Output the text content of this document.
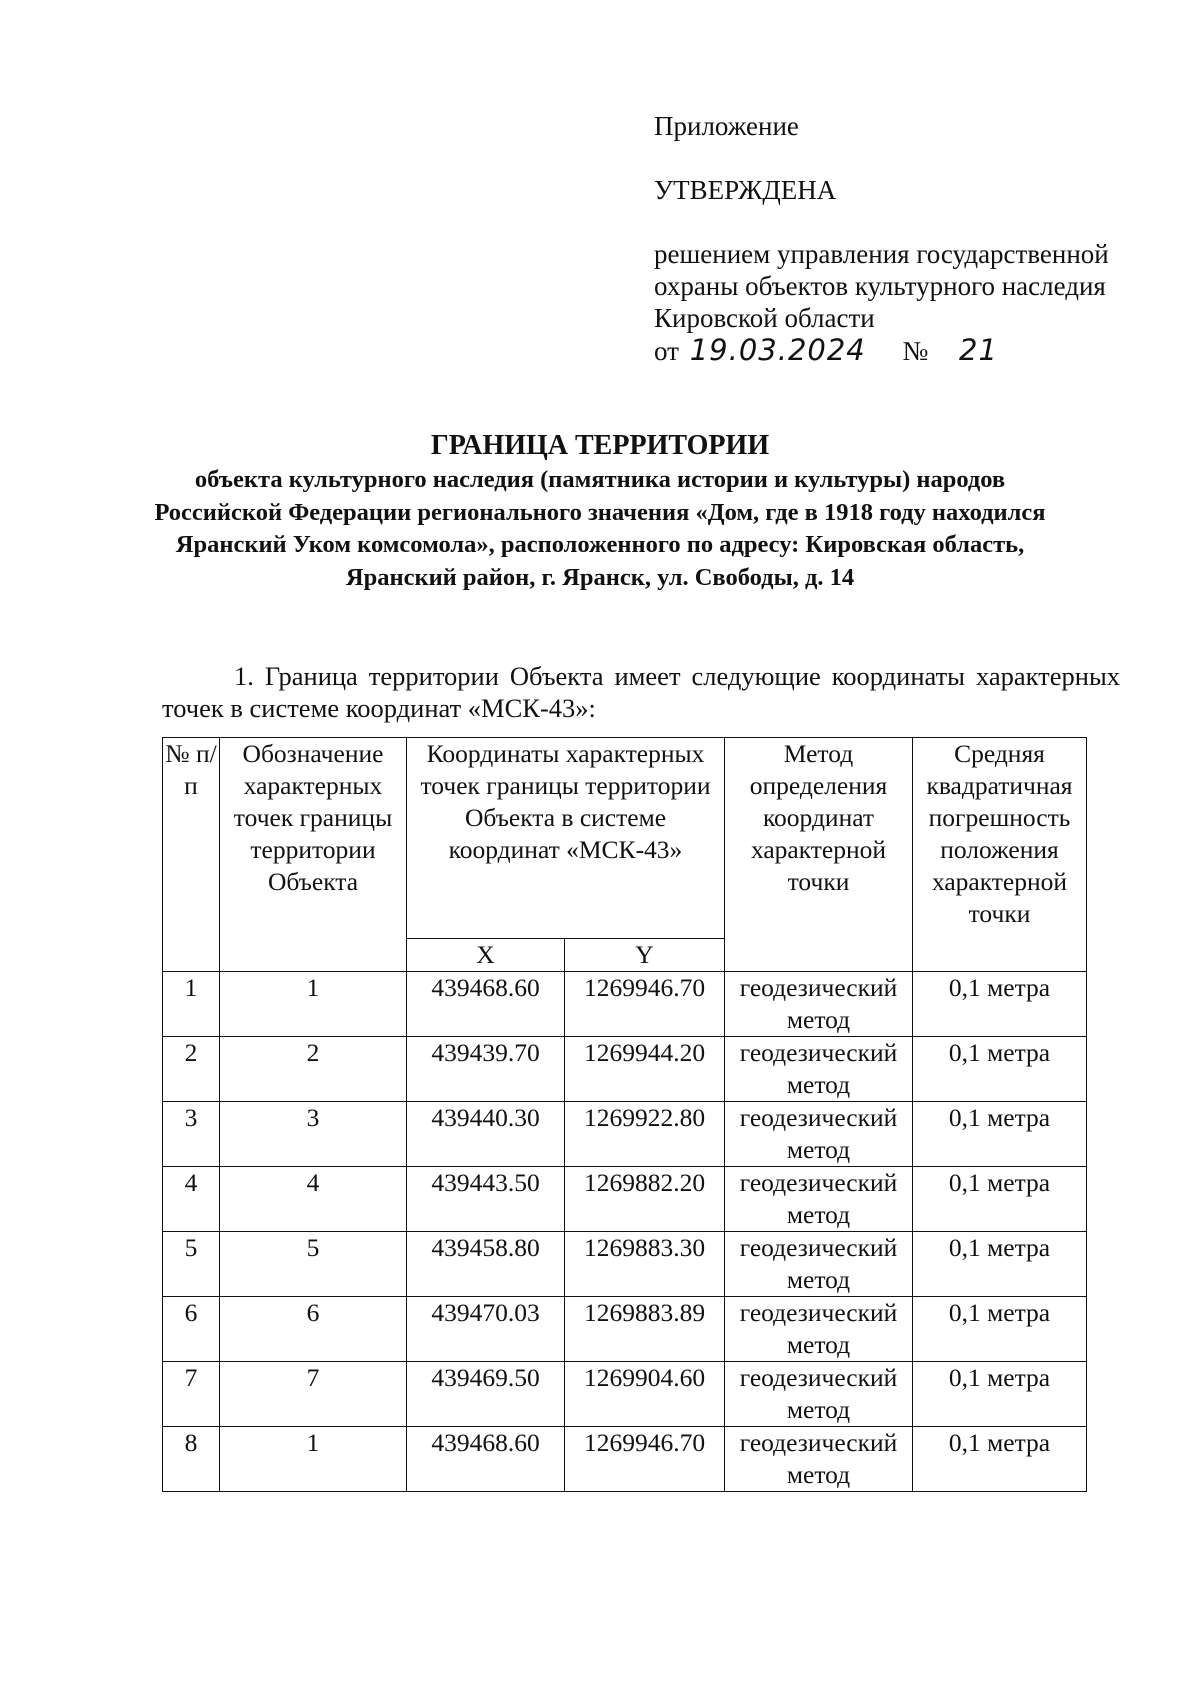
Приложение
УТВЕРЖДЕНА
решением управления государственной охраны объектов культурного наследия Кировской области
от 19.03.2024 № 21
ГРАНИЦА ТЕРРИТОРИИ
объекта культурного наследия (памятника истории и культуры) народов Российской Федерации регионального значения «Дом, где в 1918 году находился Яранский Уком комсомола», расположенного по адресу: Кировская область, Яранский район, г. Яранск, ул. Свободы, д. 14
1. Граница территории Объекта имеет следующие координаты характерных точек в системе координат «МСК-43»:
№ п/п	Обозначение характерных точек границы территории Объекта	Координаты характерных точек границы территории Объекта в системе координат «МСК-43»		Метод определения координат характерной точки	Средняя квадратичная погрешность положения характерной точки
		X	Y		
1	1	439468.60	1269946.70	геодезический метод	0,1 метра
2	2	439439.70	1269944.20	геодезический метод	0,1 метра
3	3	439440.30	1269922.80	геодезический метод	0,1 метра
4	4	439443.50	1269882.20	геодезический метод	0,1 метра
5	5	439458.80	1269883.30	геодезический метод	0,1 метра
6	6	439470.03	1269883.89	геодезический метод	0,1 метра
7	7	439469.50	1269904.60	геодезический метод	0,1 метра
8	1	439468.60	1269946.70	геодезический метод	0,1 метра
